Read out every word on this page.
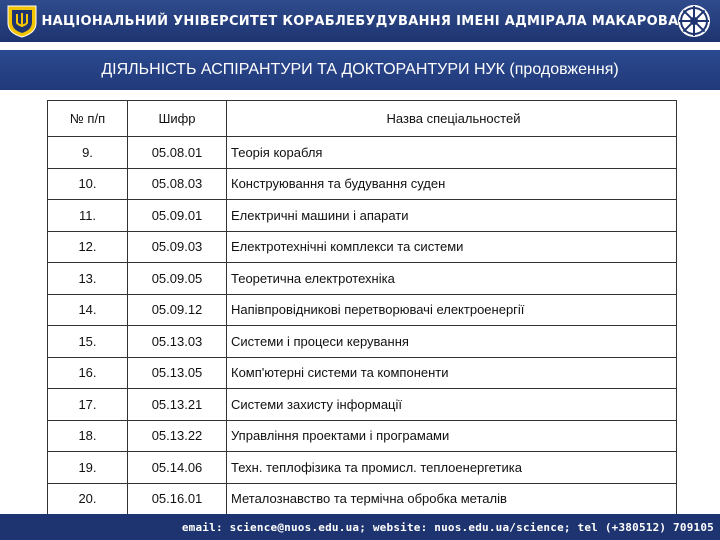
НАЦІОНАЛЬНИЙ УНІВЕРСИТЕТ КОРАБЛЕБУДУВАННЯ ІМЕНІ АДМІРАЛА МАКАРОВА
ДІЯЛЬНІСТЬ АСПІРАНТУРИ ТА ДОКТОРАНТУРИ НУК (продовження)
№ п/п	Шифр	Назва спеціальностей
9.	05.08.01	Теорія корабля
10.	05.08.03	Конструювання та будування суден
11.	05.09.01	Електричні машини і апарати
12.	05.09.03	Електротехнічні комплекси та системи
13.	05.09.05	Теоретична електротехніка
14.	05.09.12	Напівпровідникові перетворювачі електроенергії
15.	05.13.03	Системи і процеси керування
16.	05.13.05	Комп'ютерні системи та компоненти
17.	05.13.21	Системи захисту інформації
18.	05.13.22	Управління проектами і програмами
19.	05.14.06	Техн. теплофізика та промисл. теплоенергетика
20.	05.16.01	Металознавство та термічна обробка металів
email: science@nuos.edu.ua; website: nuos.edu.ua/science; tel (+380512) 709105
